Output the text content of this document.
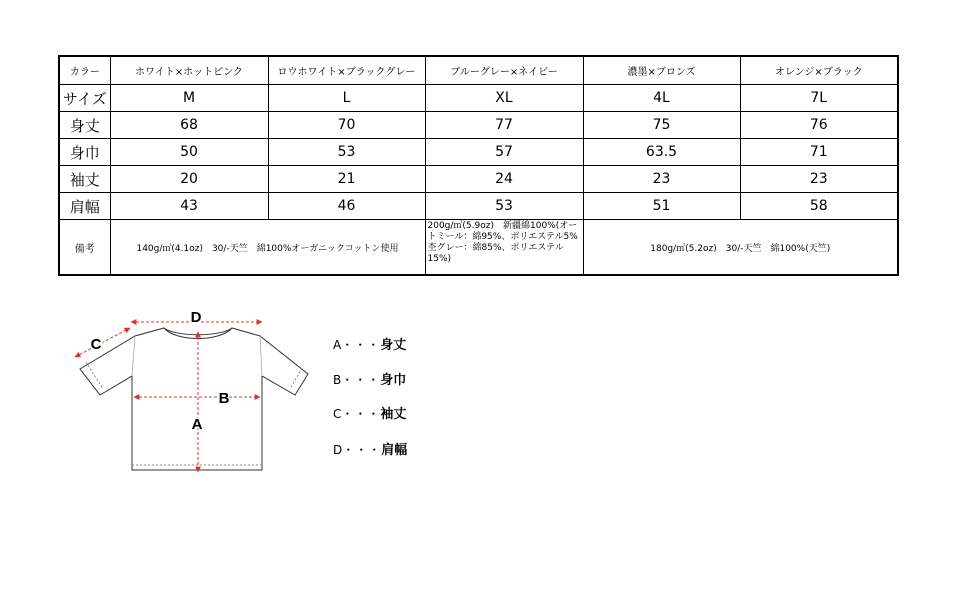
カラー	ホワイト×ホットピンク	ロウホワイト×ブラックグレー	ブルーグレー×ネイビー	濃墨×ブロンズ	オレンジ×ブラック
サイズ	M	L	XL	4L	7L
身丈	68	70	77	75	76
身巾	50	53	57	63.5	71
袖丈	20	21	24	23	23
肩幅	43	46	53	51	58
備考	140g/㎡(4.1oz)　30/-天竺　綿100%オーガニックコットン使用		200g/㎡(5.9oz)　新疆綿100%(オートミール：綿95%、ポリエステル5%　杢グレー：綿85%、ポリエステル15%)	180g/㎡(5.2oz)　30/-天竺　綿100%(天竺)	
D
B
A
C	A・・・身丈
B・・・身巾
C・・・袖丈
D・・・肩幅
